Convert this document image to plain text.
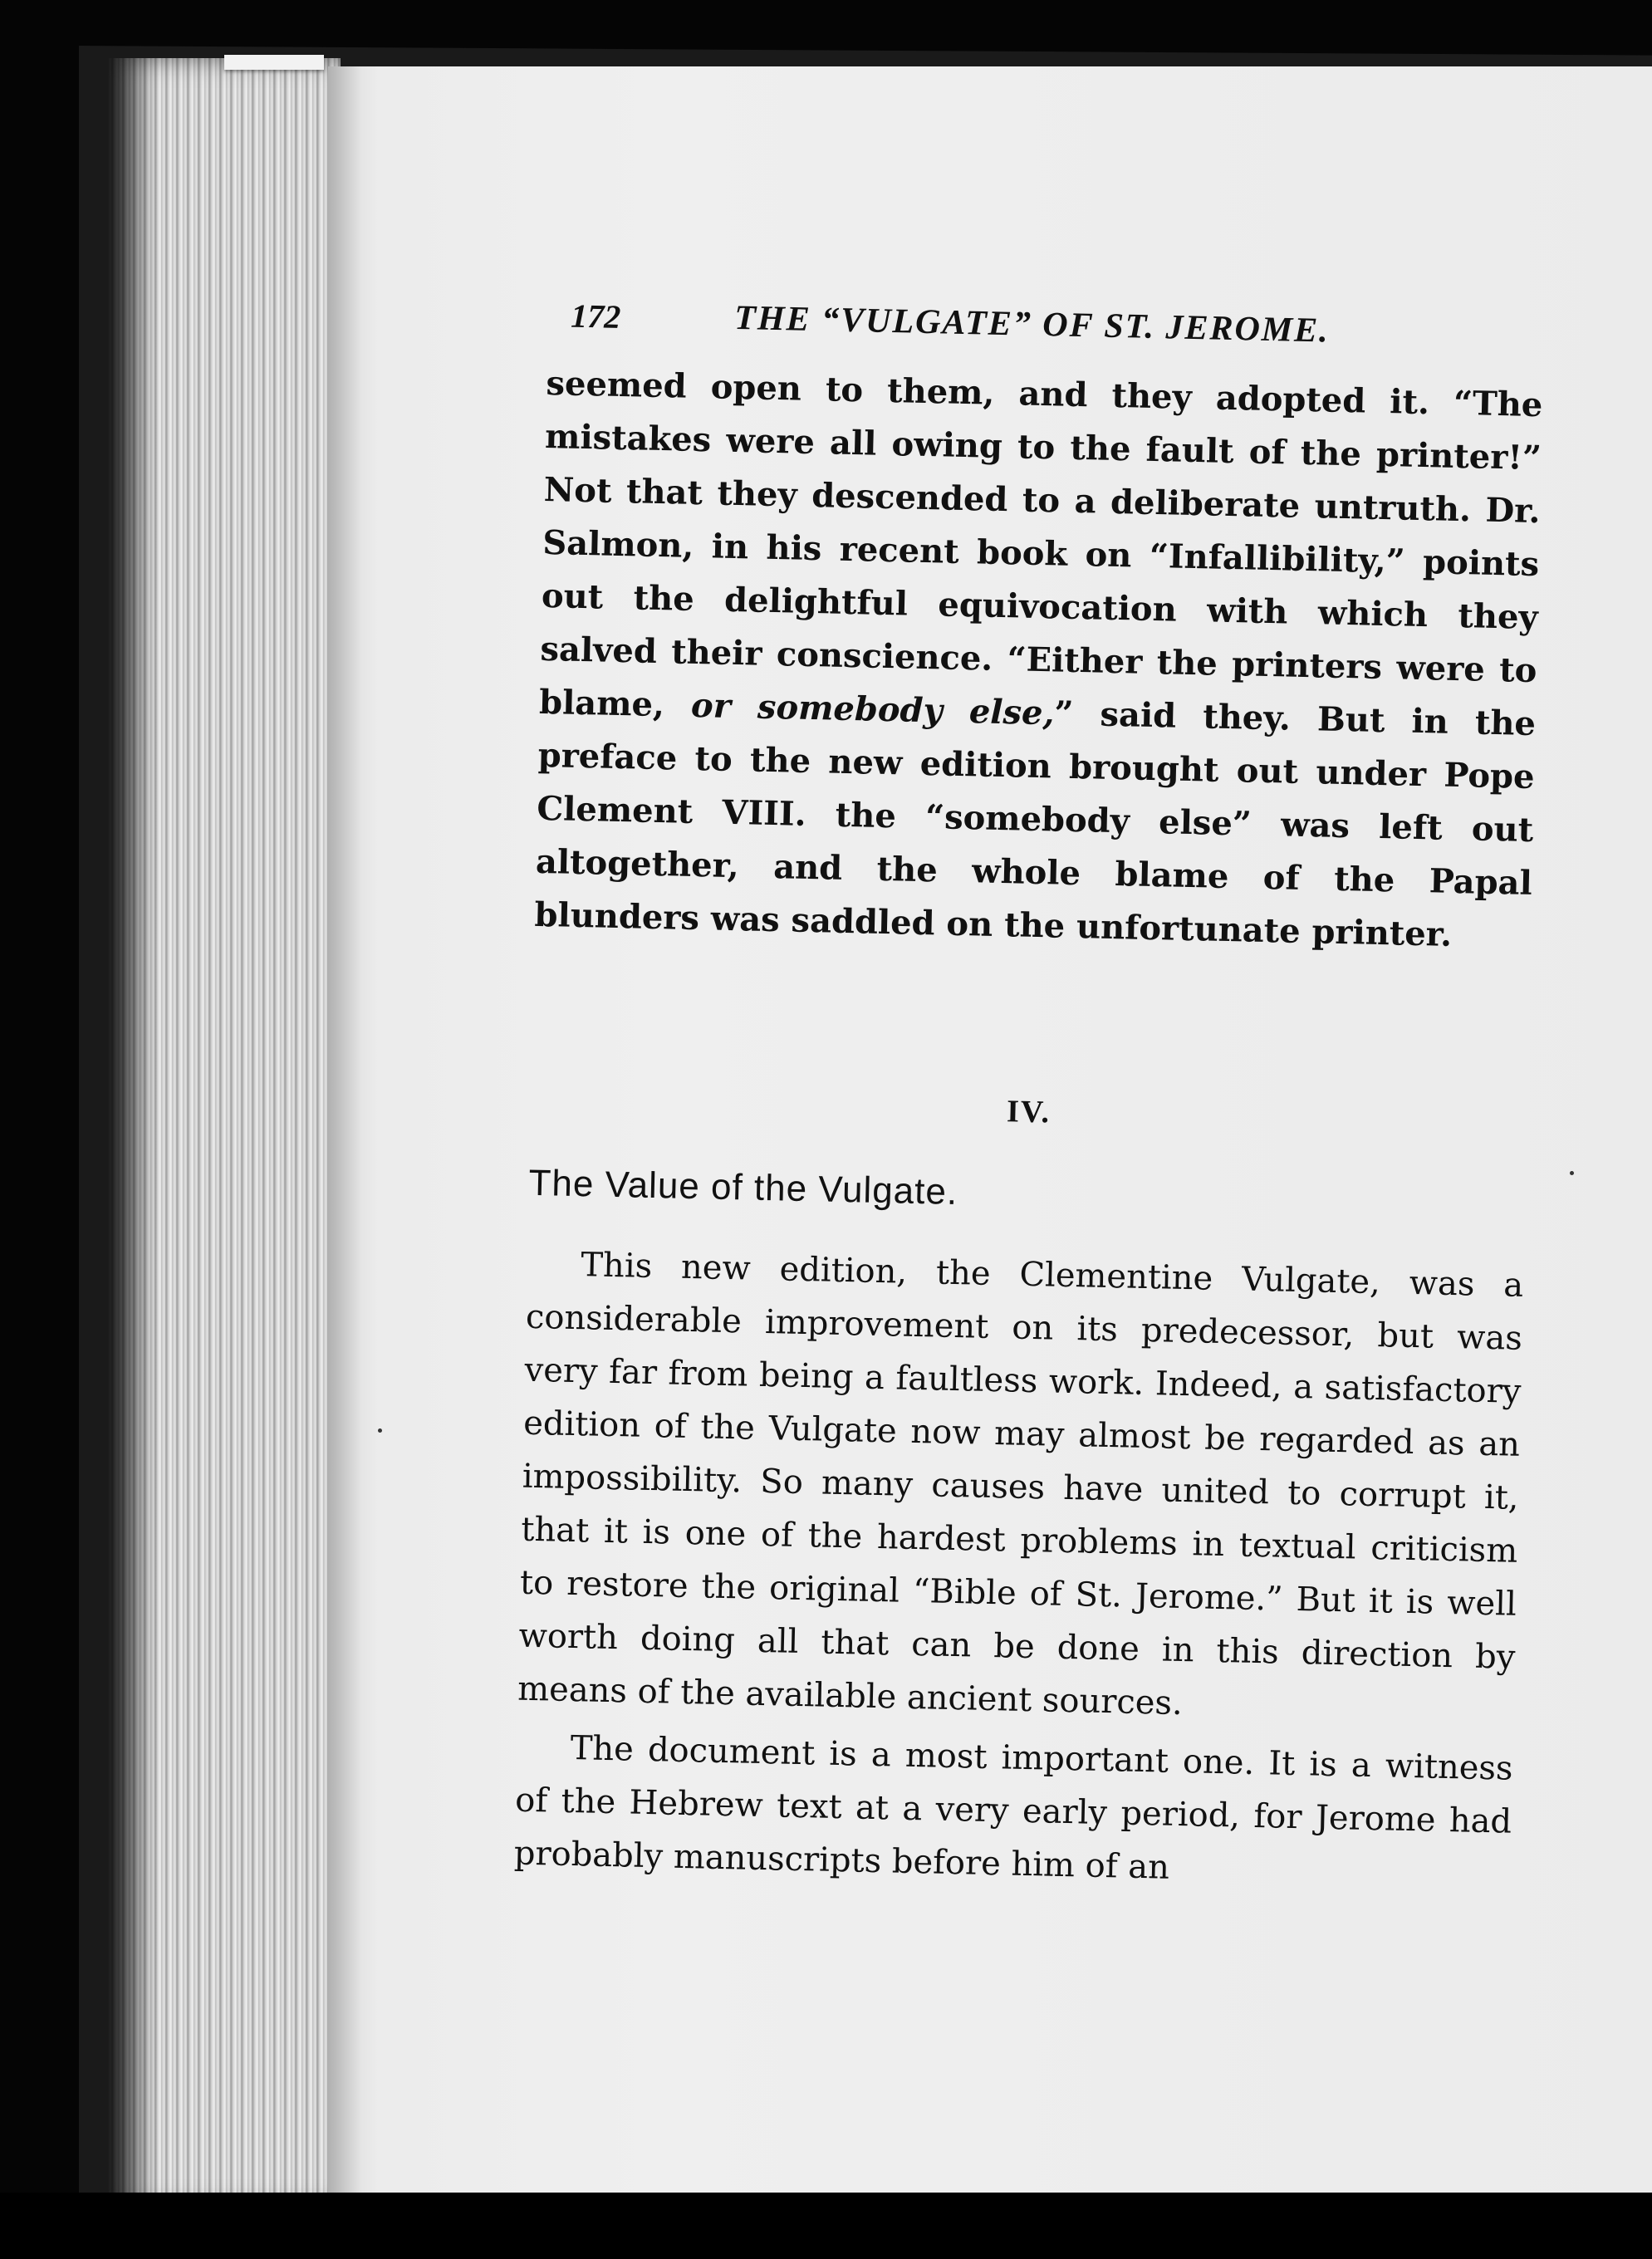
172	THE “VULGATE” OF ST. JEROME.

seemed open to them, and they adopted it. “The mistakes were all owing to the fault of the printer!” Not that they descended to a deliberate untruth. Dr. Salmon, in his recent book on “Infallibility,” points out the delightful equivocation with which they salved their conscience. “Either the printers were to blame, or somebody else,” said they. But in the preface to the new edition brought out under Pope Clement VIII. the “somebody else” was left out altogether, and the whole blame of the Papal blunders was saddled on the unfortunate printer.

IV.
The Value of the Vulgate.

This new edition, the Clementine Vulgate, was a considerable improvement on its predecessor, but was very far from being a faultless work. Indeed, a satisfactory edition of the Vulgate now may almost be regarded as an impossibility. So many causes have united to corrupt it, that it is one of the hardest problems in textual criticism to restore the original “Bible of St. Jerome.” But it is well worth doing all that can be done in this direction by means of the available ancient sources.

The document is a most important one. It is a witness of the Hebrew text at a very early period, for Jerome had probably manuscripts before him of an
